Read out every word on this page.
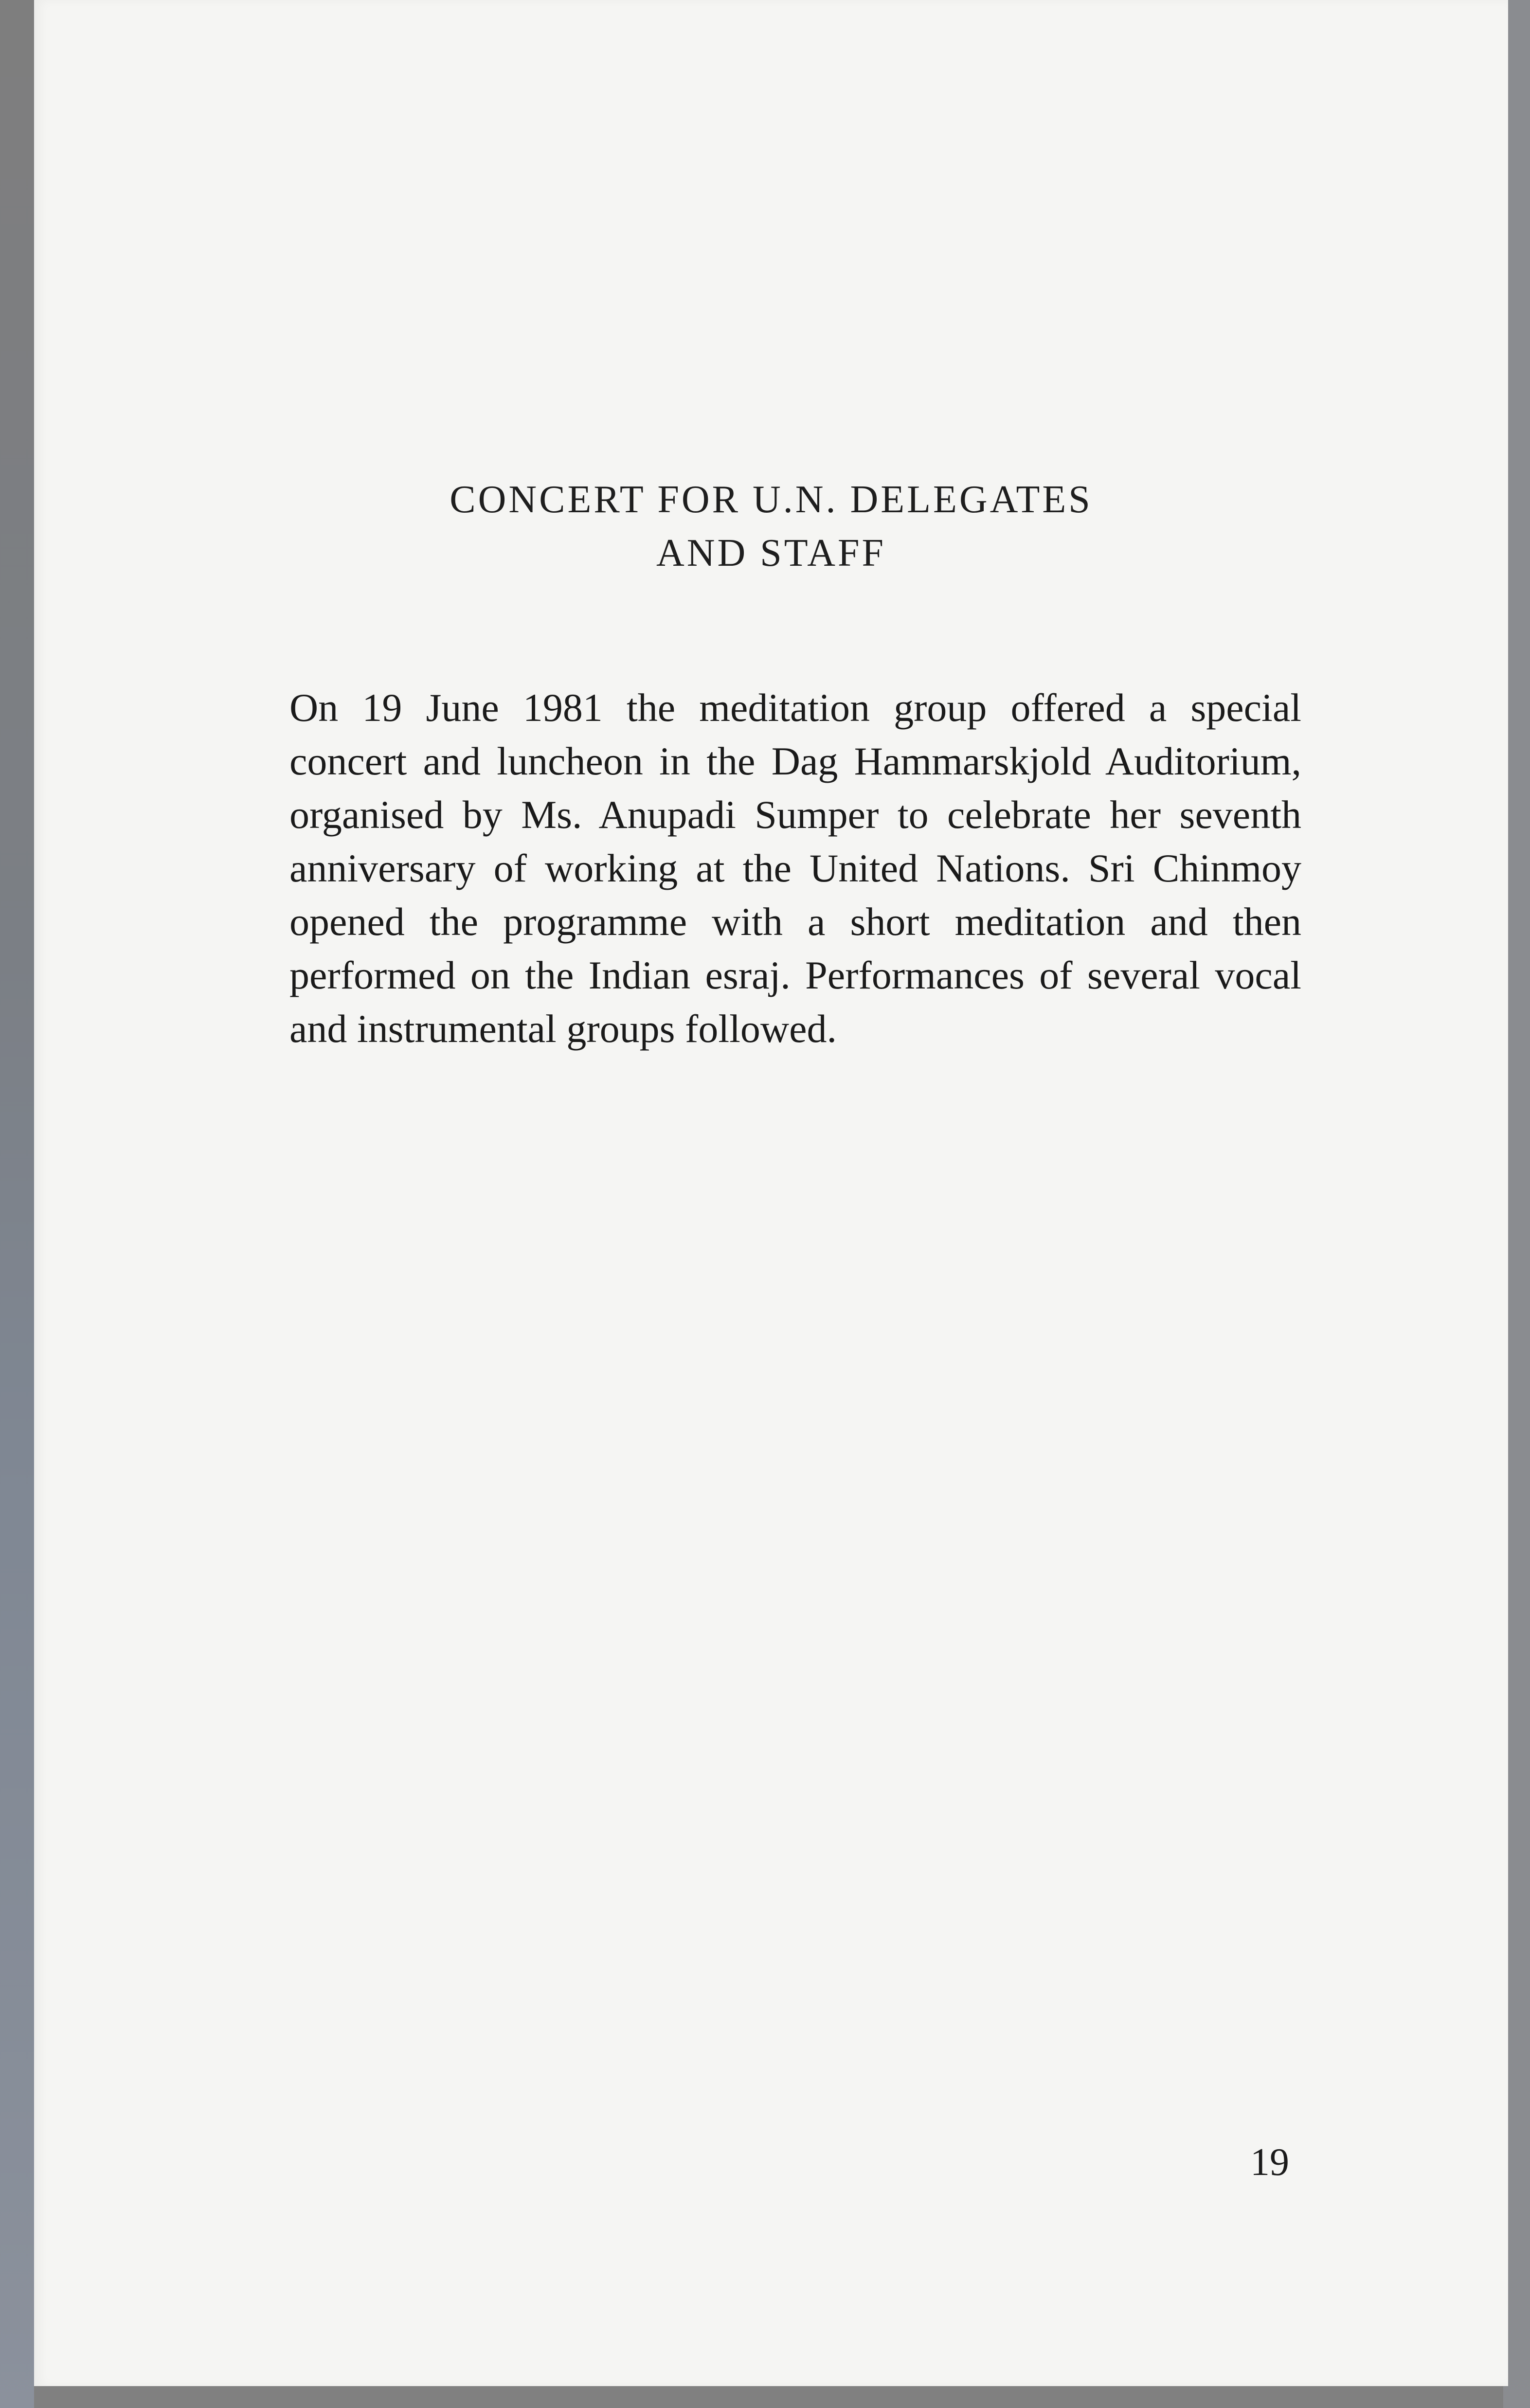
CONCERT FOR U.N. DELEGATES
AND STAFF

On 19 June 1981 the meditation group offered a special concert and luncheon in the Dag Hammarskjold Auditorium, organised by Ms. Anupadi Sumper to celebrate her seventh anniversary of working at the United Nations. Sri Chinmoy opened the programme with a short meditation and then performed on the Indian esraj. Performances of several vocal and instrumental groups followed.

19
